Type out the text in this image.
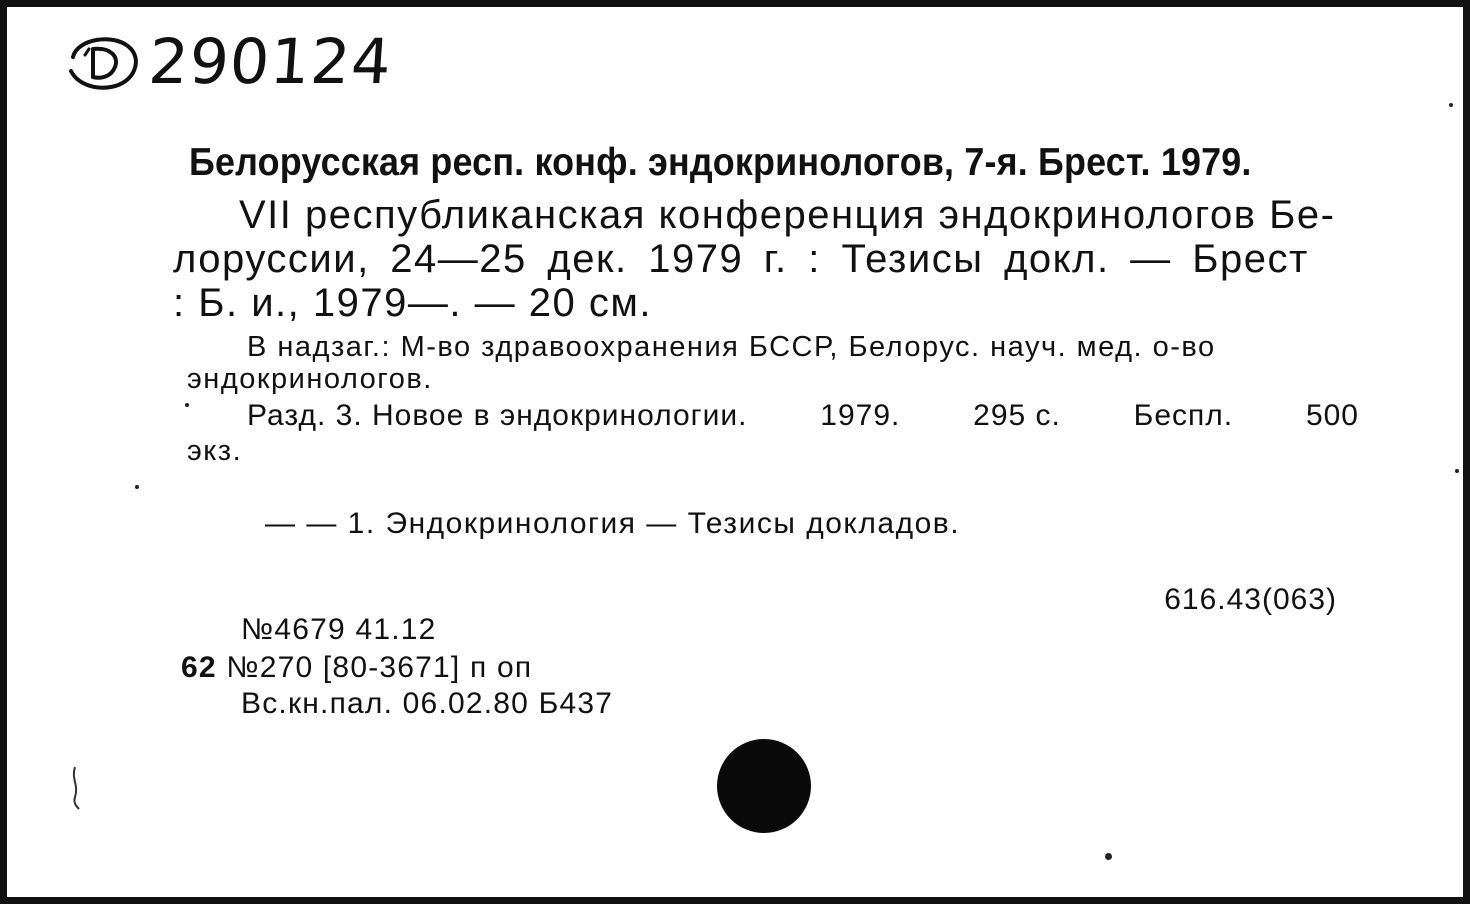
290124
Белорусская респ. конф. эндокринологов, 7-я. Брест. 1979.
VII республиканская конференция эндокринологов Бе-
лоруссии, 24—25 дек. 1979 г. : Тезисы докл. — Брест
: Б. и., 1979—. — 20 см.
В надзаг.: М-во здравоохранения БССР, Белорус. науч. мед. о-во
эндокринологов.
Разд. 3. Новое в эндокринологии. 1979. 295 с. Беспл. 500
экз.
— — 1. Эндокринология — Тезисы докладов.
616.43(063)
№4679 41.12
62 №270 [80-3671] п оп
Вс.кн.пал. 06.02.80 Б437
